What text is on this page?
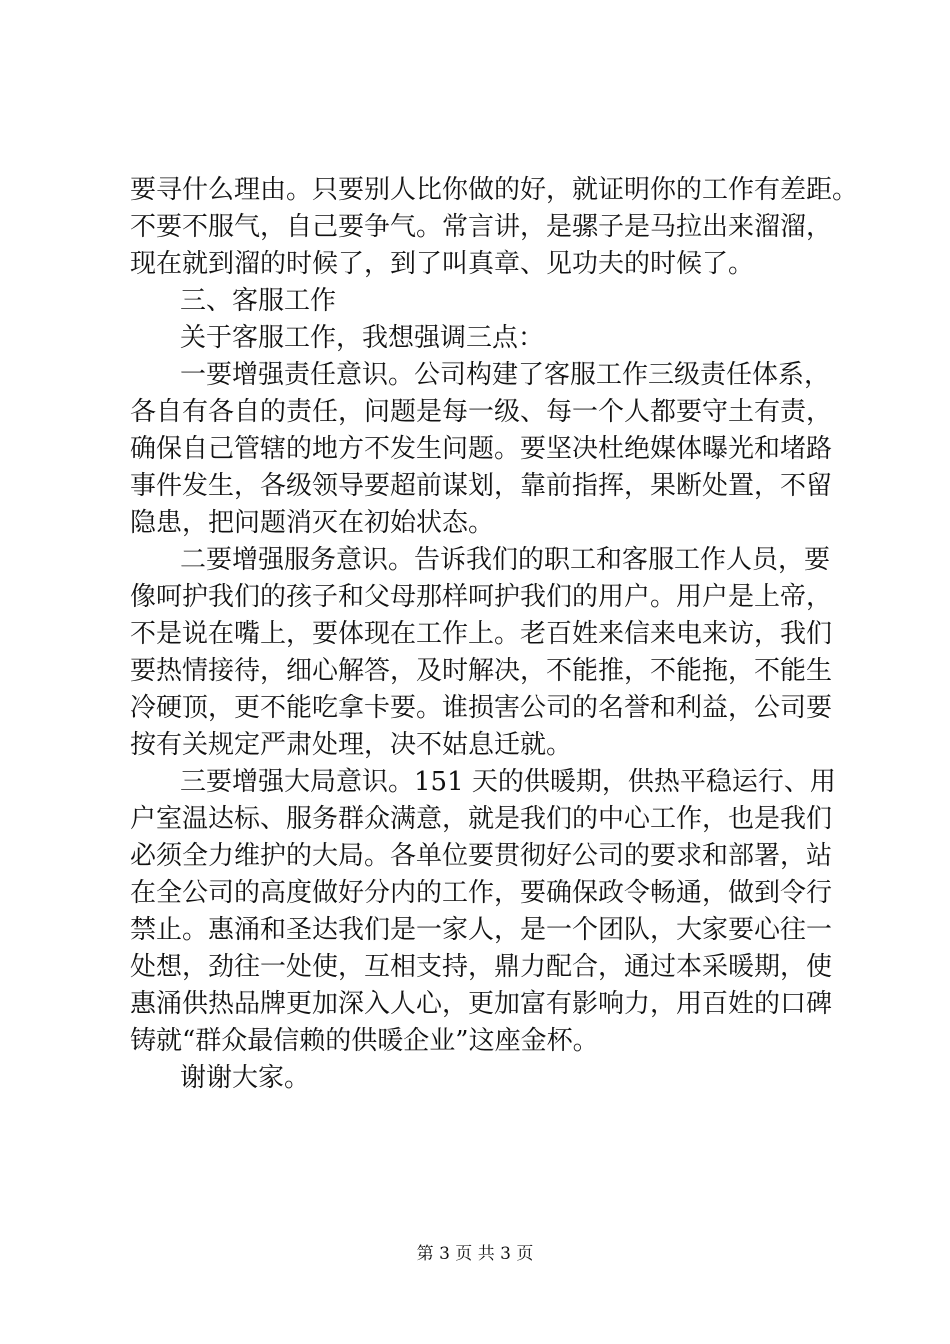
要寻什么理由。只要别人比你做的好，就证明你的工作有差距。
不要不服气，自己要争气。常言讲，是骡子是马拉出来溜溜，
现在就到溜的时候了，到了叫真章、见功夫的时候了。
三、客服工作
关于客服工作，我想强调三点：
一要增强责任意识。公司构建了客服工作三级责任体系，
各自有各自的责任，问题是每一级、每一个人都要守土有责，
确保自己管辖的地方不发生问题。要坚决杜绝媒体曝光和堵路
事件发生，各级领导要超前谋划，靠前指挥，果断处置，不留
隐患，把问题消灭在初始状态。
二要增强服务意识。告诉我们的职工和客服工作人员，要
像呵护我们的孩子和父母那样呵护我们的用户。用户是上帝，
不是说在嘴上，要体现在工作上。老百姓来信来电来访，我们
要热情接待，细心解答，及时解决，不能推，不能拖，不能生
冷硬顶，更不能吃拿卡要。谁损害公司的名誉和利益，公司要
按有关规定严肃处理，决不姑息迁就。
三要增强大局意识。151 天的供暖期，供热平稳运行、用
户室温达标、服务群众满意，就是我们的中心工作，也是我们
必须全力维护的大局。各单位要贯彻好公司的要求和部署，站
在全公司的高度做好分内的工作，要确保政令畅通，做到令行
禁止。惠涌和圣达我们是一家人，是一个团队，大家要心往一
处想，劲往一处使，互相支持，鼎力配合，通过本采暖期，使
惠涌供热品牌更加深入人心，更加富有影响力，用百姓的口碑
铸就“群众最信赖的供暖企业”这座金杯。
谢谢大家。
第 3 页 共 3 页
